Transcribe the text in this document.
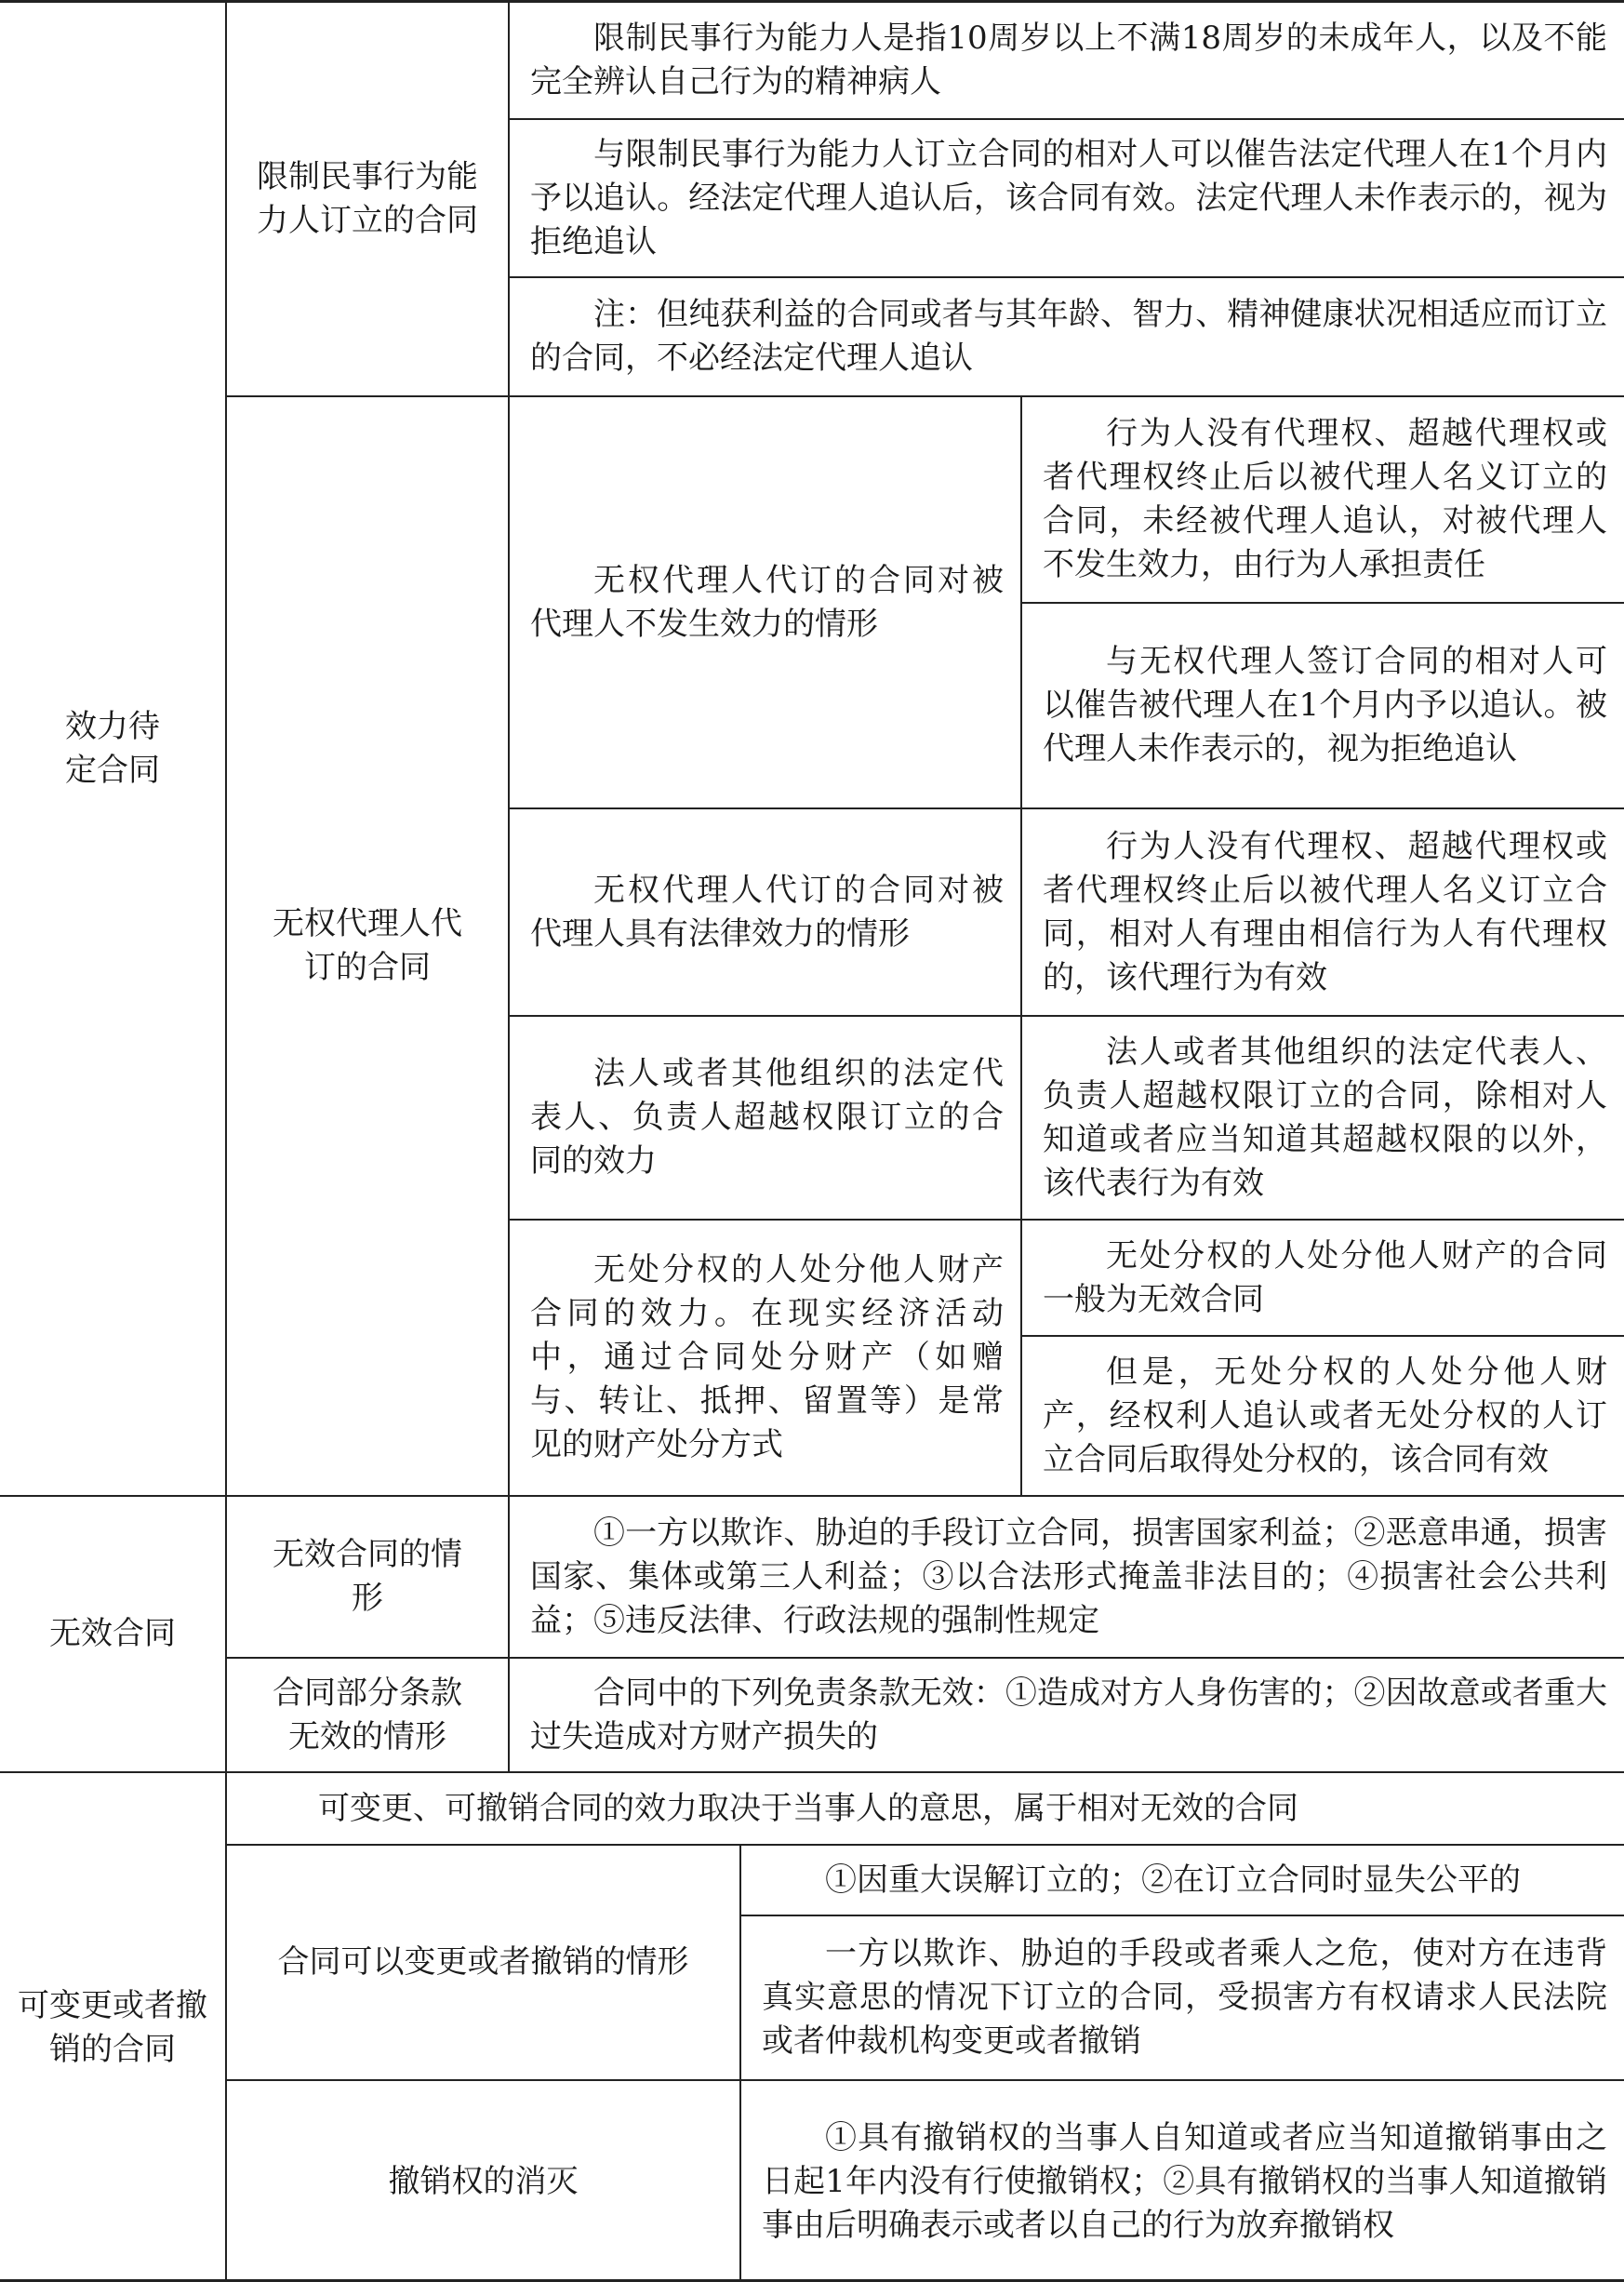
效力待定合同
限制民事行为能力人订立的合同
限制民事行为能力人是指10周岁以上不满18周岁的未成年人，以及不能完全辨认自己行为的精神病人
与限制民事行为能力人订立合同的相对人可以催告法定代理人在1个月内予以追认。经法定代理人追认后，该合同有效。法定代理人未作表示的，视为拒绝追认
注：但纯获利益的合同或者与其年龄、智力、精神健康状况相适应而订立的合同，不必经法定代理人追认
无权代理人代订的合同
无权代理人代订的合同对被代理人不发生效力的情形
行为人没有代理权、超越代理权或者代理权终止后以被代理人名义订立的合同，未经被代理人追认，对被代理人不发生效力，由行为人承担责任
与无权代理人签订合同的相对人可以催告被代理人在1个月内予以追认。被代理人未作表示的，视为拒绝追认
无权代理人代订的合同对被代理人具有法律效力的情形
行为人没有代理权、超越代理权或者代理权终止后以被代理人名义订立合同，相对人有理由相信行为人有代理权的，该代理行为有效
法人或者其他组织的法定代表人、负责人超越权限订立的合同的效力
法人或者其他组织的法定代表人、负责人超越权限订立的合同，除相对人知道或者应当知道其超越权限的以外，该代表行为有效
无处分权的人处分他人财产合同的效力。在现实经济活动中，通过合同处分财产（如赠与、转让、抵押、留置等）是常见的财产处分方式
无处分权的人处分他人财产的合同一般为无效合同
但是，无处分权的人处分他人财产，经权利人追认或者无处分权的人订立合同后取得处分权的，该合同有效
无效合同
无效合同的情形
①一方以欺诈、胁迫的手段订立合同，损害国家利益；②恶意串通，损害国家、集体或第三人利益；③以合法形式掩盖非法目的；④损害社会公共利益；⑤违反法律、行政法规的强制性规定
合同部分条款无效的情形
合同中的下列免责条款无效：①造成对方人身伤害的；②因故意或者重大过失造成对方财产损失的
可变更或者撤销的合同
可变更、可撤销合同的效力取决于当事人的意思，属于相对无效的合同
合同可以变更或者撤销的情形
①因重大误解订立的；②在订立合同时显失公平的
一方以欺诈、胁迫的手段或者乘人之危，使对方在违背真实意思的情况下订立的合同，受损害方有权请求人民法院或者仲裁机构变更或者撤销
撤销权的消灭
①具有撤销权的当事人自知道或者应当知道撤销事由之日起1年内没有行使撤销权；②具有撤销权的当事人知道撤销事由后明确表示或者以自己的行为放弃撤销权
